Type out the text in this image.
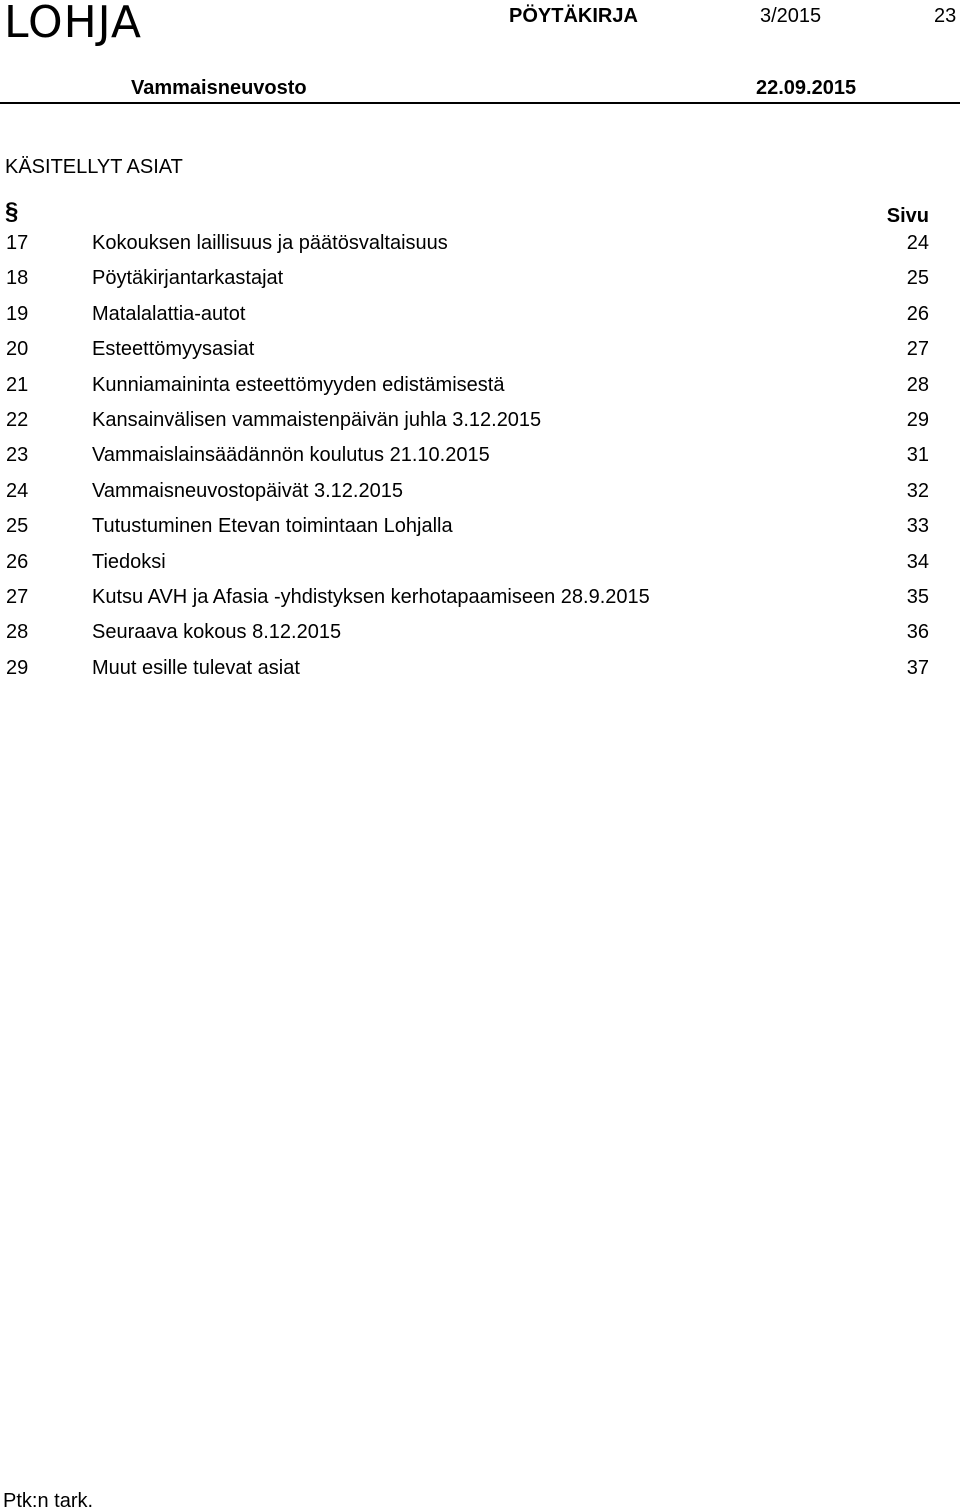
LOHJA	PÖYTÄKIRJA	3/2015	23
Vammaisneuvosto	22.09.2015
KÄSITELLYT ASIAT
§	Sivu
17	Kokouksen laillisuus ja päätösvaltaisuus	24
18	Pöytäkirjantarkastajat	25
19	Matalalattia-autot	26
20	Esteettömyysasiat	27
21	Kunniamaininta esteettömyyden edistämisestä	28
22	Kansainvälisen vammaistenpäivän juhla 3.12.2015	29
23	Vammaislainsäädännön koulutus 21.10.2015	31
24	Vammaisneuvostopäivät 3.12.2015	32
25	Tutustuminen Etevan toimintaan Lohjalla	33
26	Tiedoksi	34
27	Kutsu AVH ja Afasia -yhdistyksen kerhotapaamiseen 28.9.2015	35
28	Seuraava kokous 8.12.2015	36
29	Muut esille tulevat asiat	37
Ptk:n tark.
